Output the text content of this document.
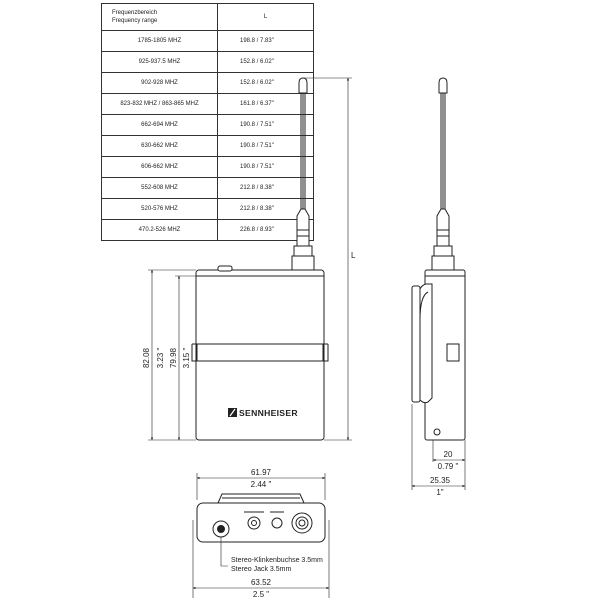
Frequenzbereich
Frequency range	L
1785-1805 MHZ	198.8 / 7.83"
925-937.5 MHZ	152.8 / 6.02"
902-928 MHZ	152.8 / 6.02"
823-832 MHZ / 863-865 MHZ	161.8 / 6.37"
662-694 MHZ	190.8 / 7.51"
630-662 MHZ	190.8 / 7.51"
606-662 MHZ	190.8 / 7.51"
552-608 MHZ	212.8 / 8.38"
520-576 MHZ	212.8 / 8.38"
470.2-526 MHZ	226.8 / 8.93"
SENNHEISER
82.08 3.23 " 79.98 3.15 "
L
20
0.79 "
25.35
1"
Stereo-Klinkenbuchse 3.5mm
Stereo Jack 3.5mm
61.97
2.44 "
63.52
2.5 "
